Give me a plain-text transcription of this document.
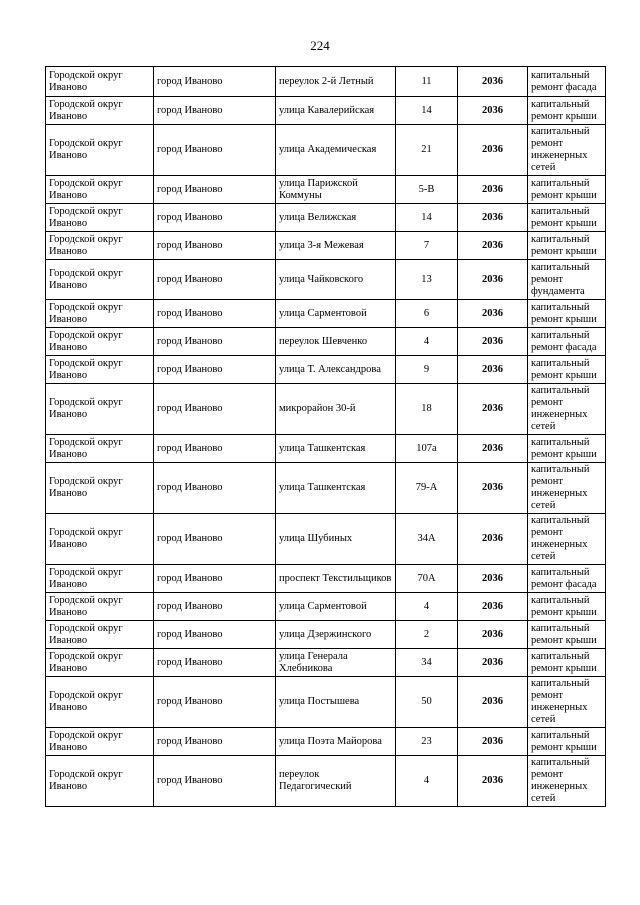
224
Городской округ Иваново	город Иваново	переулок 2-й Летный	11	2036	капитальный ремонт фасада
Городской округ Иваново	город Иваново	улица Кавалерийская	14	2036	капитальный ремонт крыши
Городской округ Иваново	город Иваново	улица Академическая	21	2036	капитальный ремонт инженерных сетей
Городской округ Иваново	город Иваново	улица Парижской Коммуны	5-В	2036	капитальный ремонт крыши
Городской округ Иваново	город Иваново	улица Велижская	14	2036	капитальный ремонт крыши
Городской округ Иваново	город Иваново	улица 3-я Межевая	7	2036	капитальный ремонт крыши
Городской округ Иваново	город Иваново	улица Чайковского	13	2036	капитальный ремонт фундамента
Городской округ Иваново	город Иваново	улица Сарментовой	6	2036	капитальный ремонт крыши
Городской округ Иваново	город Иваново	переулок Шевченко	4	2036	капитальный ремонт фасада
Городской округ Иваново	город Иваново	улица Т. Александрова	9	2036	капитальный ремонт крыши
Городской округ Иваново	город Иваново	микрорайон 30-й	18	2036	капитальный ремонт инженерных сетей
Городской округ Иваново	город Иваново	улица Ташкентская	107а	2036	капитальный ремонт крыши
Городской округ Иваново	город Иваново	улица Ташкентская	79-А	2036	капитальный ремонт инженерных сетей
Городской округ Иваново	город Иваново	улица Шубиных	34А	2036	капитальный ремонт инженерных сетей
Городской округ Иваново	город Иваново	проспект Текстильщиков	70А	2036	капитальный ремонт фасада
Городской округ Иваново	город Иваново	улица Сарментовой	4	2036	капитальный ремонт крыши
Городской округ Иваново	город Иваново	улица Дзержинского	2	2036	капитальный ремонт крыши
Городской округ Иваново	город Иваново	улица Генерала Хлебникова	34	2036	капитальный ремонт крыши
Городской округ Иваново	город Иваново	улица Постышева	50	2036	капитальный ремонт инженерных сетей
Городской округ Иваново	город Иваново	улица Поэта Майорова	23	2036	капитальный ремонт крыши
Городской округ Иваново	город Иваново	переулок Педагогический	4	2036	капитальный ремонт инженерных сетей
